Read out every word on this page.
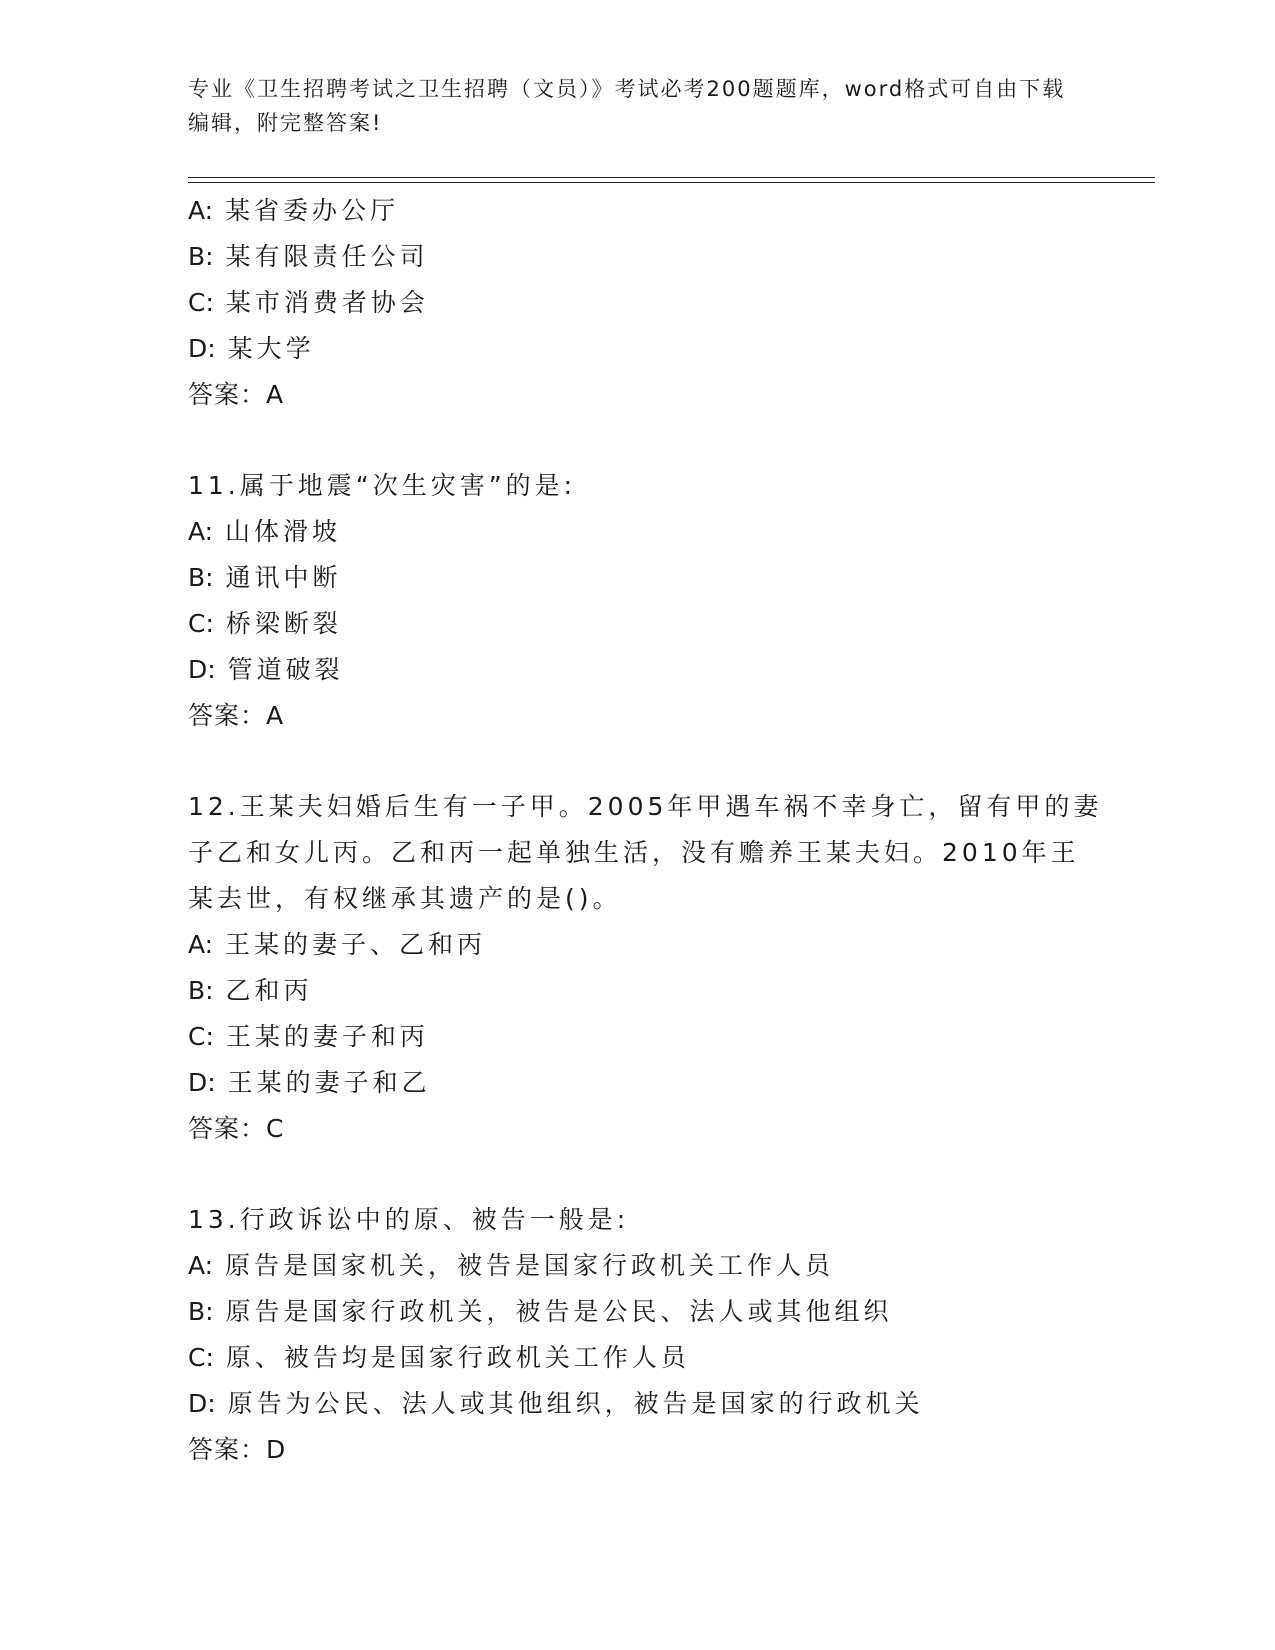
专业《卫生招聘考试之卫生招聘（文员）》考试必考200题题库，word格式可自由下载编辑，附完整答案!

A: 某省委办公厅
B: 某有限责任公司
C: 某市消费者协会
D: 某大学
答案：A
11.属于地震“次生灾害”的是:
A: 山体滑坡
B: 通讯中断
C: 桥梁断裂
D: 管道破裂
答案：A
12.王某夫妇婚后生有一子甲。2005年甲遇车祸不幸身亡，留有甲的妻
子乙和女儿丙。乙和丙一起单独生活，没有赡养王某夫妇。2010年王
某去世，有权继承其遗产的是()。
A: 王某的妻子、乙和丙
B: 乙和丙
C: 王某的妻子和丙
D: 王某的妻子和乙
答案：C
13.行政诉讼中的原、被告一般是:
A: 原告是国家机关，被告是国家行政机关工作人员
B: 原告是国家行政机关，被告是公民、法人或其他组织
C: 原、被告均是国家行政机关工作人员
D: 原告为公民、法人或其他组织，被告是国家的行政机关
答案：D
